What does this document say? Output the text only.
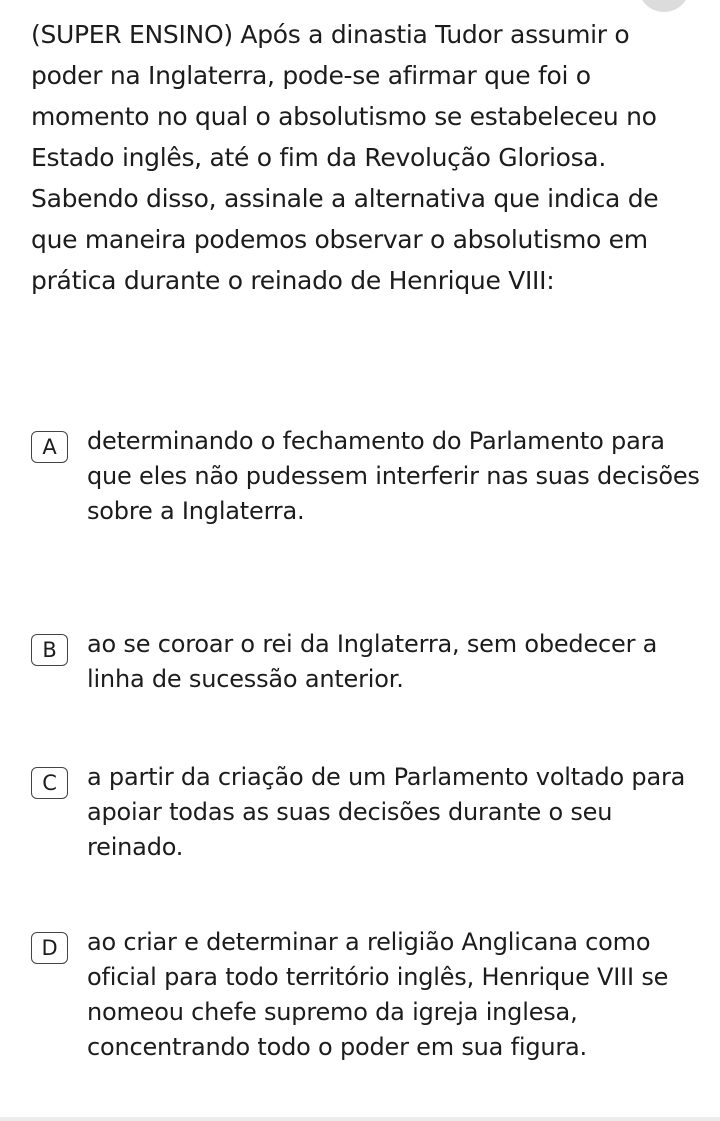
(SUPER ENSINO) Após a dinastia Tudor assumir o poder na Inglaterra, pode-se afirmar que foi o momento no qual o absolutismo se estabeleceu no Estado inglês, até o fim da Revolução Gloriosa. Sabendo disso, assinale a alternativa que indica de que maneira podemos observar o absolutismo em prática durante o reinado de Henrique VIII:

A	determinando o fechamento do Parlamento para que eles não pudessem interferir nas suas decisões sobre a Inglaterra.
B	ao se coroar o rei da Inglaterra, sem obedecer a linha de sucessão anterior.
C	a partir da criação de um Parlamento voltado para apoiar todas as suas decisões durante o seu reinado.
D	ao criar e determinar a religião Anglicana como oficial para todo território inglês, Henrique VIII se nomeou chefe supremo da igreja inglesa, concentrando todo o poder em sua figura.
